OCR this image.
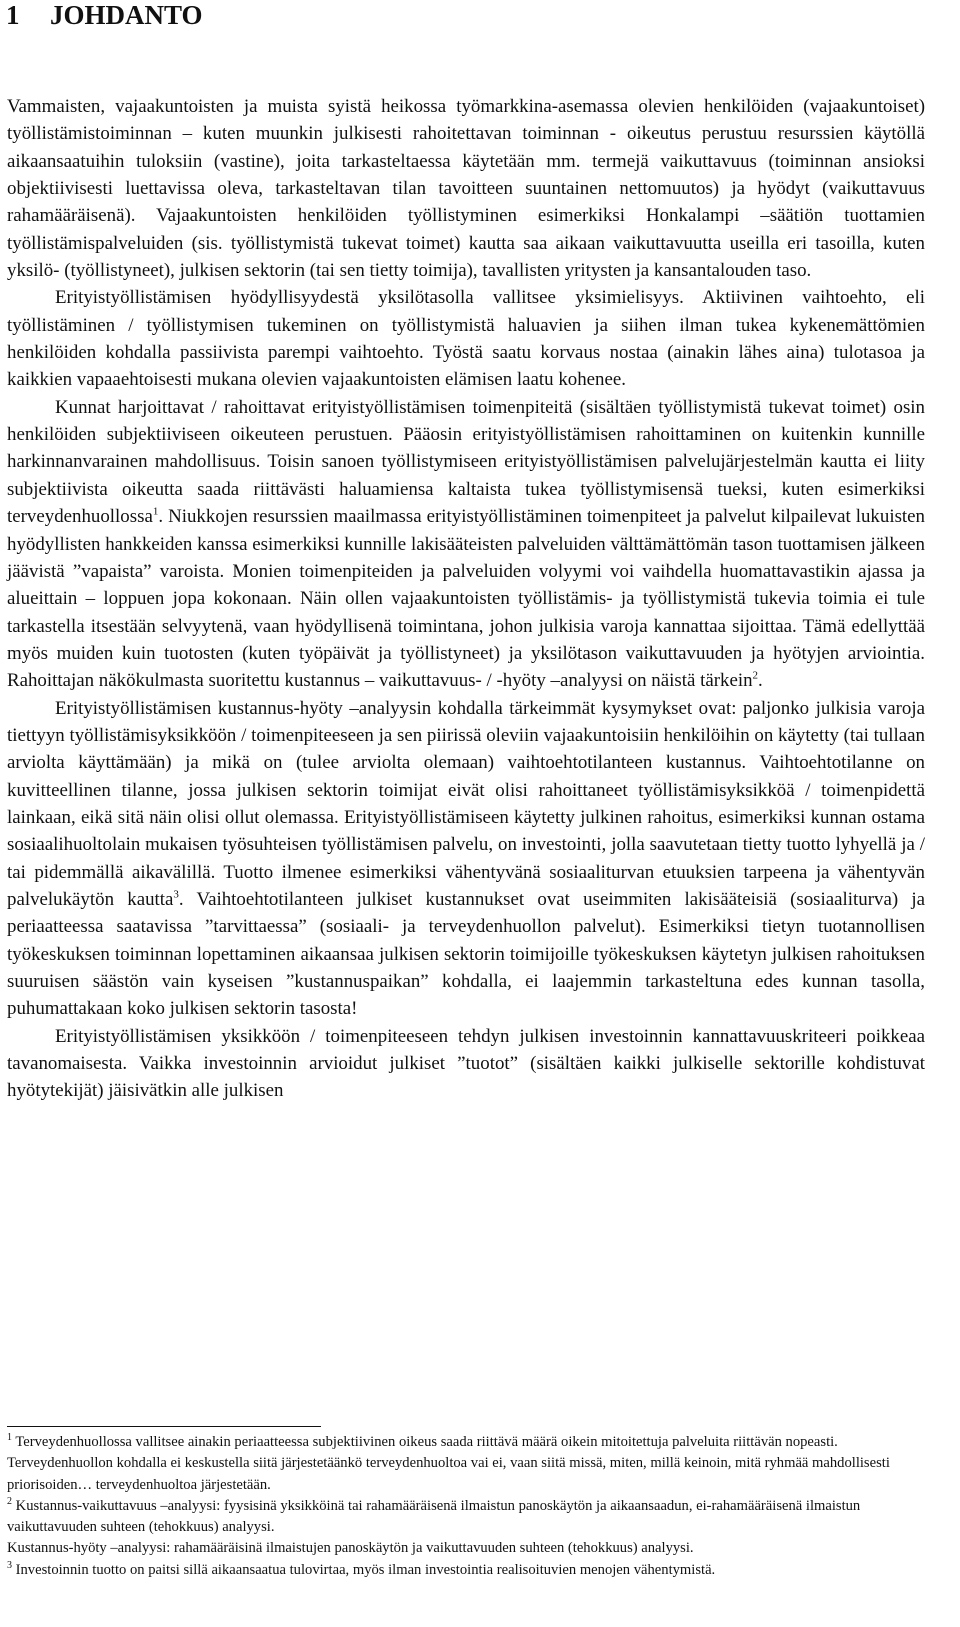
1 JOHDANTO

Vammaisten, vajaakuntoisten ja muista syistä heikossa työmarkkina-asemassa olevien henkilöiden (vajaakuntoiset) työllistämistoiminnan – kuten muunkin julkisesti rahoitettavan toiminnan - oikeutus perustuu resurssien käytöllä aikaansaatuihin tuloksiin (vastine), joita tarkasteltaessa käytetään mm. termejä vaikuttavuus (toiminnan ansioksi objektiivisesti luettavissa oleva, tarkasteltavan tilan tavoitteen suuntainen nettomuutos) ja hyödyt (vaikuttavuus rahamääräisenä). Vajaakuntoisten henkilöiden työllistyminen esimerkiksi Honkalampi –säätiön tuottamien työllistämispalveluiden (sis. työllistymistä tukevat toimet) kautta saa aikaan vaikuttavuutta useilla eri tasoilla, kuten yksilö- (työllistyneet), julkisen sektorin (tai sen tietty toimija), tavallisten yritysten ja kansantalouden taso.

Erityistyöllistämisen hyödyllisyydestä yksilötasolla vallitsee yksimielisyys. Aktiivinen vaihtoehto, eli työllistäminen / työllistymisen tukeminen on työllistymistä haluavien ja siihen ilman tukea kykenemättömien henkilöiden kohdalla passiivista parempi vaihtoehto. Työstä saatu korvaus nostaa (ainakin lähes aina) tulotasoa ja kaikkien vapaaehtoisesti mukana olevien vajaakuntoisten elämisen laatu kohenee.

Kunnat harjoittavat / rahoittavat erityistyöllistämisen toimenpiteitä (sisältäen työllistymistä tukevat toimet) osin henkilöiden subjektiiviseen oikeuteen perustuen. Pääosin erityistyöllistämisen rahoittaminen on kuitenkin kunnille harkinnanvarainen mahdollisuus. Toisin sanoen työllistymiseen erityistyöllistämisen palvelujärjestelmän kautta ei liity subjektiivista oikeutta saada riittävästi haluamiensa kaltaista tukea työllistymisensä tueksi, kuten esimerkiksi terveydenhuollossa$^1$. Niukkojen resurssien maailmassa erityistyöllistäminen toimenpiteet ja palvelut kilpailevat lukuisten hyödyllisten hankkeiden kanssa esimerkiksi kunnille lakisääteisten palveluiden välttämättömän tason tuottamisen jälkeen jäävistä ”vapaista” varoista. Monien toimenpiteiden ja palveluiden volyymi voi vaihdella huomattavastikin ajassa ja alueittain – loppuen jopa kokonaan. Näin ollen vajaakuntoisten työllistämis- ja työllistymistä tukevia toimia ei tule tarkastella itsestään selvyytenä, vaan hyödyllisenä toimintana, johon julkisia varoja kannattaa sijoittaa. Tämä edellyttää myös muiden kuin tuotosten (kuten työpäivät ja työllistyneet) ja yksilötason vaikuttavuuden ja hyötyjen arviointia. Rahoittajan näkökulmasta suoritettu kustannus – vaikuttavuus- / -hyöty –analyysi on näistä tärkein$^2$.

Erityistyöllistämisen kustannus-hyöty –analyysin kohdalla tärkeimmät kysymykset ovat: paljonko julkisia varoja tiettyyn työllistämisyksikköön / toimenpiteeseen ja sen piirissä oleviin vajaakuntoisiin henkilöihin on käytetty (tai tullaan arviolta käyttämään) ja mikä on (tulee arviolta olemaan) vaihtoehtotilanteen kustannus. Vaihtoehtotilanne on kuvitteellinen tilanne, jossa julkisen sektorin toimijat eivät olisi rahoittaneet työllistämisyksikköä / toimenpidettä lainkaan, eikä sitä näin olisi ollut olemassa. Erityistyöllistämiseen käytetty julkinen rahoitus, esimerkiksi kunnan ostama sosiaalihuoltolain mukaisen työsuhteisen työllistämisen palvelu, on investointi, jolla saavutetaan tietty tuotto lyhyellä ja / tai pidemmällä aikavälillä. Tuotto ilmenee esimerkiksi vähentyvänä sosiaaliturvan etuuksien tarpeena ja vähentyvän palvelukäytön kautta$^3$. Vaihtoehtotilanteen julkiset kustannukset ovat useimmiten lakisääteisiä (sosiaaliturva) ja periaatteessa saatavissa ”tarvittaessa” (sosiaali- ja terveydenhuollon palvelut). Esimerkiksi tietyn tuotannollisen työkeskuksen toiminnan lopettaminen aikaansaa julkisen sektorin toimijoille työkeskuksen käytetyn julkisen rahoituksen suuruisen säästön vain kyseisen ”kustannuspaikan” kohdalla, ei laajemmin tarkasteltuna edes kunnan tasolla, puhumattakaan koko julkisen sektorin tasosta!

Erityistyöllistämisen yksikköön / toimenpiteeseen tehdyn julkisen investoinnin kannattavuuskriteeri poikkeaa tavanomaisesta. Vaikka investoinnin arvioidut julkiset ”tuotot” (sisältäen kaikki julkiselle sektorille kohdistuvat hyötytekijät) jäisivätkin alle julkisen

$^1$ Terveydenhuollossa vallitsee ainakin periaatteessa subjektiivinen oikeus saada riittävä määrä oikein mitoitettuja palveluita riittävän nopeasti. Terveydenhuollon kohdalla ei keskustella siitä järjestetäänkö terveydenhuoltoa vai ei, vaan siitä missä, miten, millä keinoin, mitä ryhmää mahdollisesti priorisoiden… terveydenhuoltoa järjestetään.

$^2$ Kustannus-vaikuttavuus –analyysi: fyysisinä yksikköinä tai rahamääräisenä ilmaistun panoskäytön ja aikaansaadun, ei-rahamääräisenä ilmaistun vaikuttavuuden suhteen (tehokkuus) analyysi.

Kustannus-hyöty –analyysi: rahamääräisinä ilmaistujen panoskäytön ja vaikuttavuuden suhteen (tehokkuus) analyysi.

$^3$ Investoinnin tuotto on paitsi sillä aikaansaatua tulovirtaa, myös ilman investointia realisoituvien menojen vähentymistä.
